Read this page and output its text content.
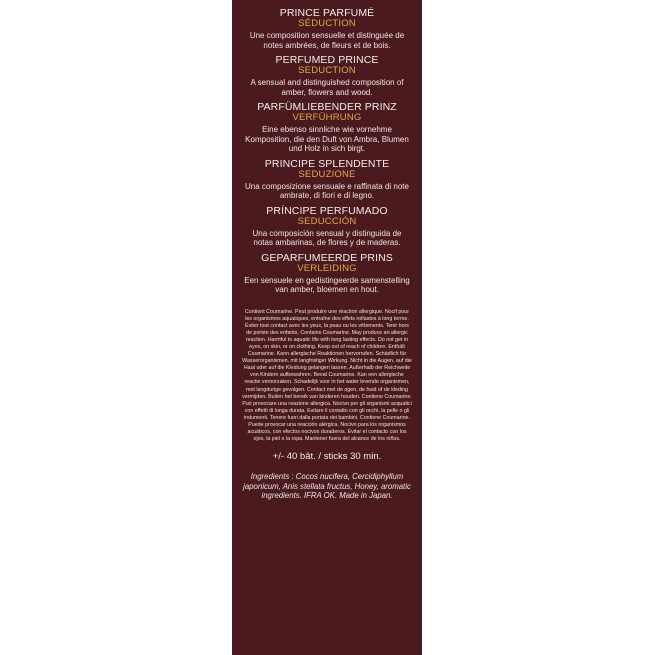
PRINCE PARFUMÉ
SÉDUCTION
Une composition sensuelle et distinguée de notes ambrées, de fleurs et de bois.
PERFUMED PRINCE
SEDUCTION
A sensual and distinguished composition of amber, flowers and wood.
PARFÜMLIEBENDER PRINZ
VERFÜHRUNG
Eine ebenso sinnliche wie vornehme Komposition, die den Duft von Ambra, Blumen und Holz in sich birgt.
PRINCIPE SPLENDENTE
SEDUZIONE
Una composizione sensuale e raffinata di note ambrate, di fiori e di legno.
PRÍNCIPE PERFUMADO
SEDUCCIÓN
Una composición sensual y distinguida de notas ambarinas, de flores y de maderas.
GEPARFUMEERDE PRINS
VERLEIDING
Een sensuele en gedistingeerde samenstelling van amber, bloemen en hout.
Contient Coumarine. Peut produire une réaction allergique. Nocif pour les organismes aquatiques, entraîne des effets néfastes à long terme. Éviter tout contact avec les yeux, la peau ou les vêtements. Tenir hors de portée des enfants. Contains Coumarine. May produce an allergic reaction. Harmful to aquatic life with long lasting effects. Do not get in eyes, on skin, or on clothing. Keep out of reach of children. Enthält Coumarine. Kann allergische Reaktionen hervorrufen. Schädlich für Wasserorganismen, mit langfristiger Wirkung. Nicht in die Augen, auf die Haut oder auf die Kleidung gelangen lassen. Außerhalb der Reichweite von Kindern aufbewahren. Bevat Coumarine. Kan een allergische reactie veroorzaken. Schadelijk voor in het water levende organismen, met langdurige gevolgen. Contact met de ogen, de huid of de kleding vermijden. Buiten het bereik van kinderen houden. Contiene Coumarine. Può provocare una reazione allergica. Nocivo per gli organismi acquatici con effetti di lunga durata. Evitare il contatto con gli occhi, la pelle o gli indumenti. Tenere fuori dalla portata dei bambini. Contiene Coumarine. Puede provocar una reacción alérgica. Nocivo para los organismos acuáticos, con efectos nocivos duraderos. Evitar el contacto con los ojos, la piel o la ropa. Mantener fuera del alcance de los niños.
+/- 40 bât. / sticks 30 min.
Ingredients : Cocos nucifera, Cercidiphyllum japonicum, Anis stellata fructus, Honey, aromatic ingredients. IFRA OK. Made in Japan.
